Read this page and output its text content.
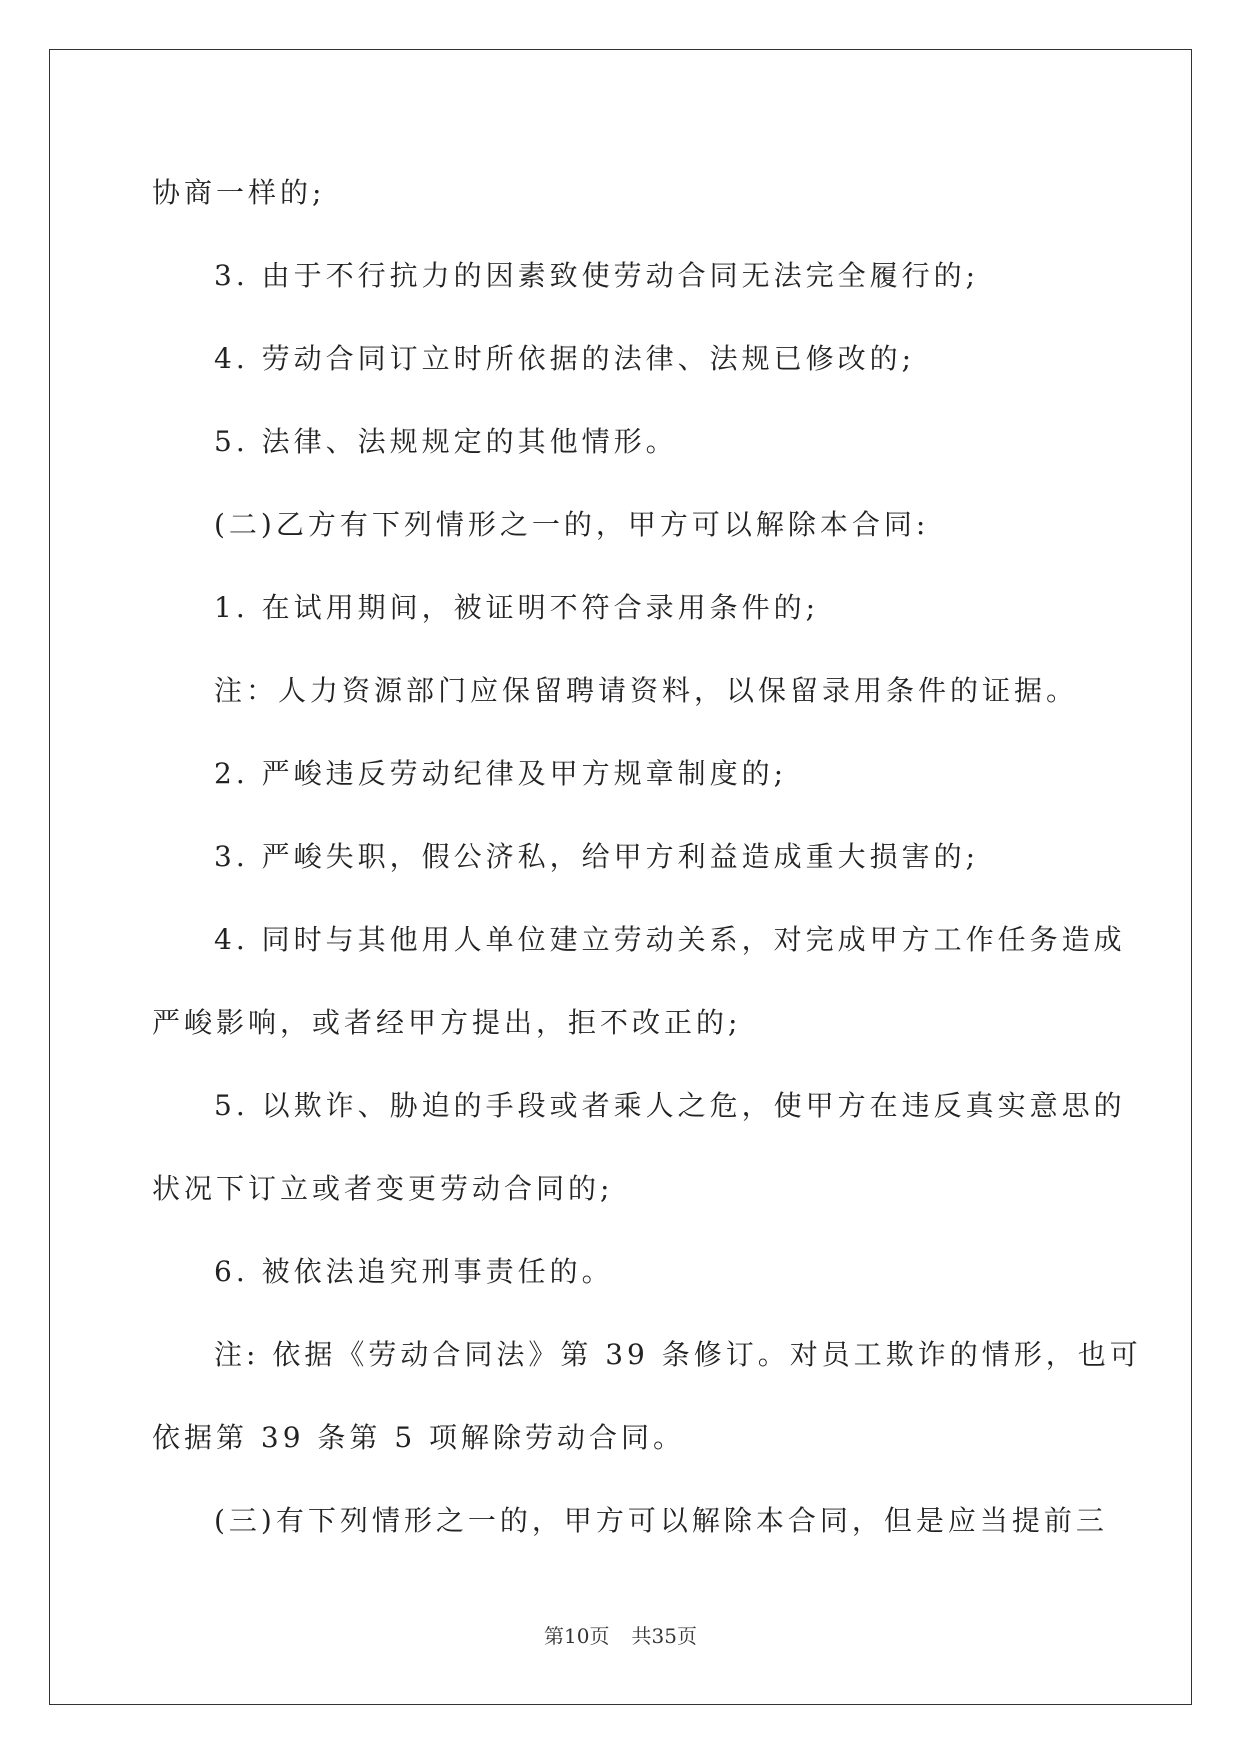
协商一样的;

3. 由于不行抗力的因素致使劳动合同无法完全履行的;

4. 劳动合同订立时所依据的法律、法规已修改的;

5. 法律、法规规定的其他情形。

(二)乙方有下列情形之一的，甲方可以解除本合同:

1. 在试用期间，被证明不符合录用条件的;

注：人力资源部门应保留聘请资料，以保留录用条件的证据。

2. 严峻违反劳动纪律及甲方规章制度的;

3. 严峻失职，假公济私，给甲方利益造成重大损害的;

4. 同时与其他用人单位建立劳动关系，对完成甲方工作任务造成

严峻影响，或者经甲方提出，拒不改正的;

5. 以欺诈、胁迫的手段或者乘人之危，使甲方在违反真实意思的

状况下订立或者变更劳动合同的;

6. 被依法追究刑事责任的。

注: 依据《劳动合同法》第 39 条修订。对员工欺诈的情形，也可

依据第 39 条第 5 项解除劳动合同。

(三)有下列情形之一的，甲方可以解除本合同，但是应当提前三

第10页 共35页
